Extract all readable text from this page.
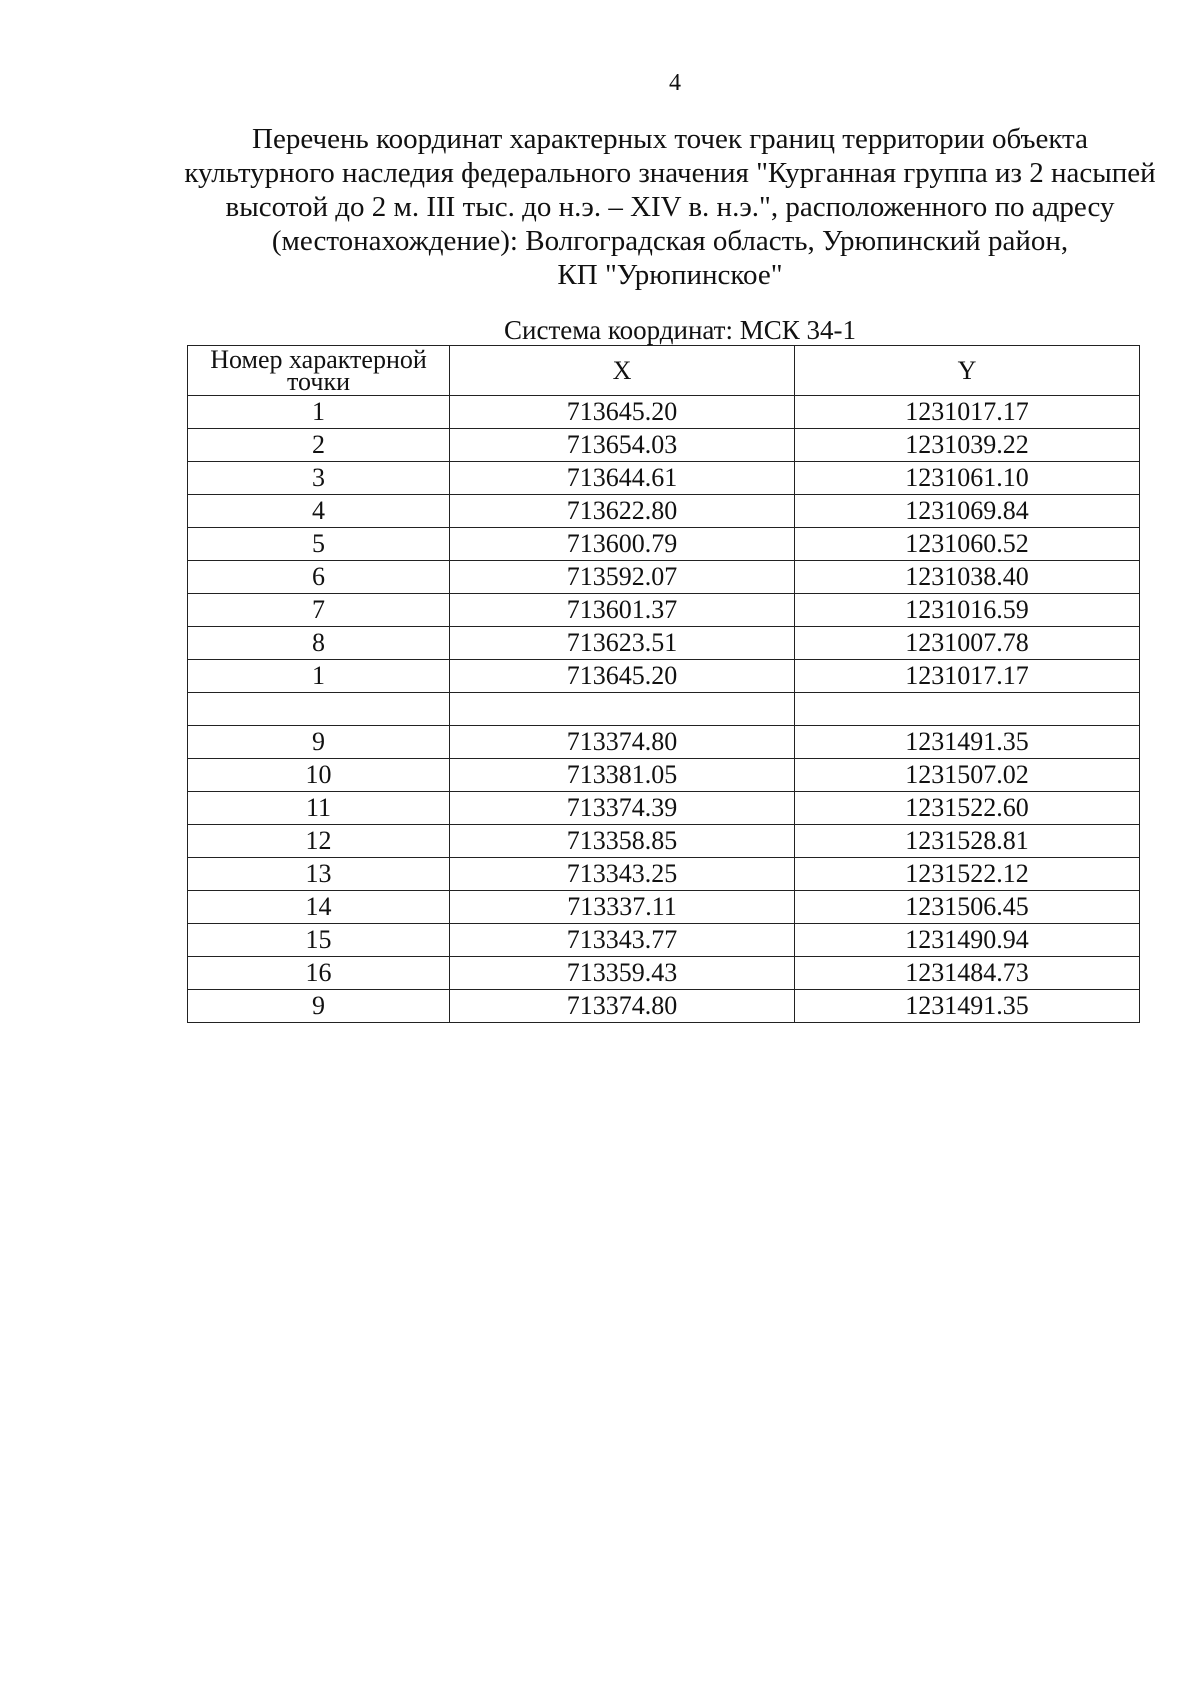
4
Перечень координат характерных точек границ территории объекта
культурного наследия федерального значения "Курганная группа из 2 насыпей
высотой до 2 м. III тыс. до н.э. – XIV в. н.э.", расположенного по адресу
(местонахождение): Волгоградская область, Урюпинский район,
КП "Урюпинское"
Система координат: МСК 34-1
Номер характерной
точки	X	Y
1	713645.20	1231017.17
2	713654.03	1231039.22
3	713644.61	1231061.10
4	713622.80	1231069.84
5	713600.79	1231060.52
6	713592.07	1231038.40
7	713601.37	1231016.59
8	713623.51	1231007.78
1	713645.20	1231017.17

9	713374.80	1231491.35
10	713381.05	1231507.02
11	713374.39	1231522.60
12	713358.85	1231528.81
13	713343.25	1231522.12
14	713337.11	1231506.45
15	713343.77	1231490.94
16	713359.43	1231484.73
9	713374.80	1231491.35
